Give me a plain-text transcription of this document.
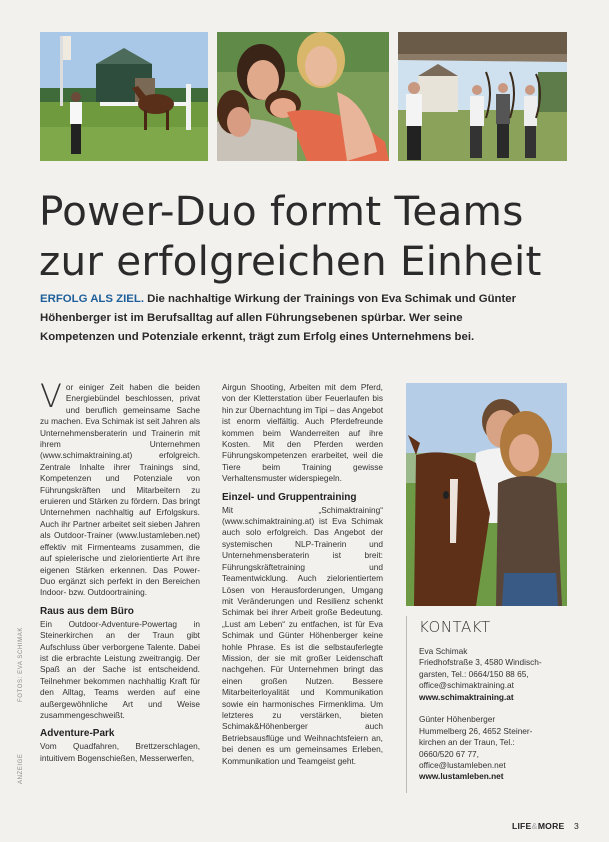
Power-Duo formt Teams
zur erfolgreichen Einheit
ERFOLG ALS ZIEL. Die nachhaltige Wirkung der Trainings von Eva Schimak und Günter
Höhenberger ist im Berufsalltag auf allen Führungsebenen spürbar. Wer seine
Kompetenzen und Potenziale erkennt, trägt zum Erfolg eines Unternehmens bei.

Vor einiger Zeit haben die beiden Energiebündel beschlossen, privat und beruflich gemeinsame Sache zu machen. Eva Schimak ist seit Jahren als Unternehmensberaterin und Trainerin mit ihrem Unternehmen (www.schimaktraining.at) erfolgreich. Zentrale Inhalte ihrer Trainings sind, Kompetenzen und Potenziale von Führungskräften und Mitarbeitern zu eruieren und Stärken zu fördern. Das bringt Unternehmen nachhaltig auf Erfolgskurs. Auch ihr Partner arbeitet seit sieben Jahren als Outdoor-Trainer (www.lustamleben.net) effektiv mit Firmenteams zusammen, die auf spielerische und zielorientierte Art ihre eigenen Stärken erkennen. Das Power-Duo ergänzt sich perfekt in den Bereichen Indoor- bzw. Outdoortraining.

Raus aus dem Büro

Ein Outdoor-Adventure-Powertag in Steinerkirchen an der Traun gibt Aufschluss über verborgene Talente. Dabei ist die erbrachte Leistung zweitrangig. Der Spaß an der Sache ist entscheidend. Teilnehmer bekommen nachhaltig Kraft für den Alltag, Teams werden auf eine außergewöhnliche Art und Weise zusammengeschweißt.

Adventure-Park

Vom Quadfahren, Brettzerschlagen, intuitivem Bogenschießen, Messerwerfen,

Airgun Shooting, Arbeiten mit dem Pferd, von der Kletterstation über Feuerlaufen bis hin zur Übernachtung im Tipi – das Angebot ist enorm vielfältig. Auch Pferdefreunde kommen beim Wanderreiten auf ihre Kosten. Mit den Pferden werden Führungskompetenzen erarbeitet, weil die Tiere beim Training gewisse Verhaltensmuster widerspiegeln.

Einzel- und Gruppentraining

Mit „Schimaktraining“ (www.schimaktraining.at) ist Eva Schimak auch solo erfolgreich. Das Angebot der systemischen NLP-Trainerin und Unternehmensberaterin ist breit: Führungskräftetraining und Teamentwicklung. Auch zielorientiertem Lösen von Herausforderungen, Umgang mit Veränderungen und Resilienz schenkt Schimak bei ihrer Arbeit große Bedeutung. „Lust am Leben“ zu entfachen, ist für Eva Schimak und Günter Höhenberger keine hohle Phrase. Es ist die selbstauferlegte Mission, der sie mit großer Leidenschaft nachgehen. Für Unternehmen bringt das einen großen Nutzen. Bessere Mitarbeiterloyalität und Kommunikation sowie ein harmonisches Firmenklima. Um letzteres zu verstärken, bieten Schimak&Höhenberger auch Betriebsausflüge und Weihnachtsfeiern an, bei denen es um gemeinsames Erleben, Kommunikation und Teamgeist geht.

FOTOS: EVA SCHIMAK
ANZEIGE
KONTAKT
Eva Schimak
Friedhofstraße 3, 4580 Windisch-
garsten, Tel.: 0664/150 88 65,
office@schimaktraining.at
www.schimaktraining.at
Günter Höhenberger
Hummelberg 26, 4652 Steiner-
kirchen an der Traun, Tel.:
0660/520 67 77,
office@lustamleben.net
www.lustamleben.net
LIFE&MORE 3
